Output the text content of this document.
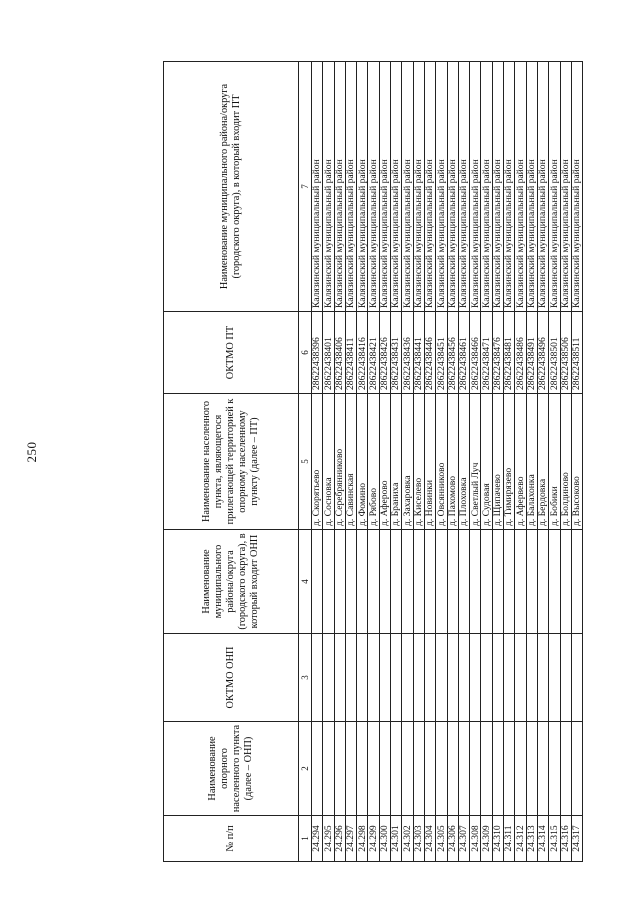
250
№ п/п	Наименование опорного населенного пункта (далее – ОНП)	ОКТМО ОНП	Наименование муниципального района/округа (городского округа), в который входит ОНП	Наименование населенного пункта, являющегося прилегающей территорией к опорному населенному пункту (далее – ПТ)	ОКТМО ПТ	Наименование муниципального района/округа (городского округа), в который входит ПТ
1	2	3	4	5	6	7
24.294				д. Скорятьево	28622438396	Калязинский муниципальный район
24.295				д. Сосновка	28622438401	Калязинский муниципальный район
24.296				д. Серебрянниково	28622438406	Калязинский муниципальный район
24.297				д. Савинская	28622438411	Калязинский муниципальный район
24.298				д. Фомино	28622438416	Калязинский муниципальный район
24.299				д. Рябово	28622438421	Калязинский муниципальный район
24.300				д. Аферово	28622438426	Калязинский муниципальный район
24.301				д. Браниха	28622438431	Калязинский муниципальный район
24.302				д. Захаровка	28622438436	Калязинский муниципальный район
24.303				д. Киселево	28622438441	Калязинский муниципальный район
24.304				д. Новинки	28622438446	Калязинский муниципальный район
24.305				д. Овсянниково	28622438451	Калязинский муниципальный район
24.306				д. Пахомово	28622438456	Калязинский муниципальный район
24.307				д. Плоховка	28622438461	Калязинский муниципальный район
24.308				д. Светлый Луч	28622438466	Калязинский муниципальный район
24.309				д. Судовая	28622438471	Калязинский муниципальный район
24.310				д. Щипачево	28622438476	Калязинский муниципальный район
24.311				д. Тимирязево	28622438481	Калязинский муниципальный район
24.312				д. Афервево	28622438486	Калязинский муниципальный район
24.313				д. Балахонка	28622438491	Калязинский муниципальный район
24.314				д. Бердовка	28622438496	Калязинский муниципальный район
24.315				д. Бобики	28622438501	Калязинский муниципальный район
24.316				д. Болдиново	28622438506	Калязинский муниципальный район
24.317				д. Высоково	28622438511	Калязинский муниципальный район
